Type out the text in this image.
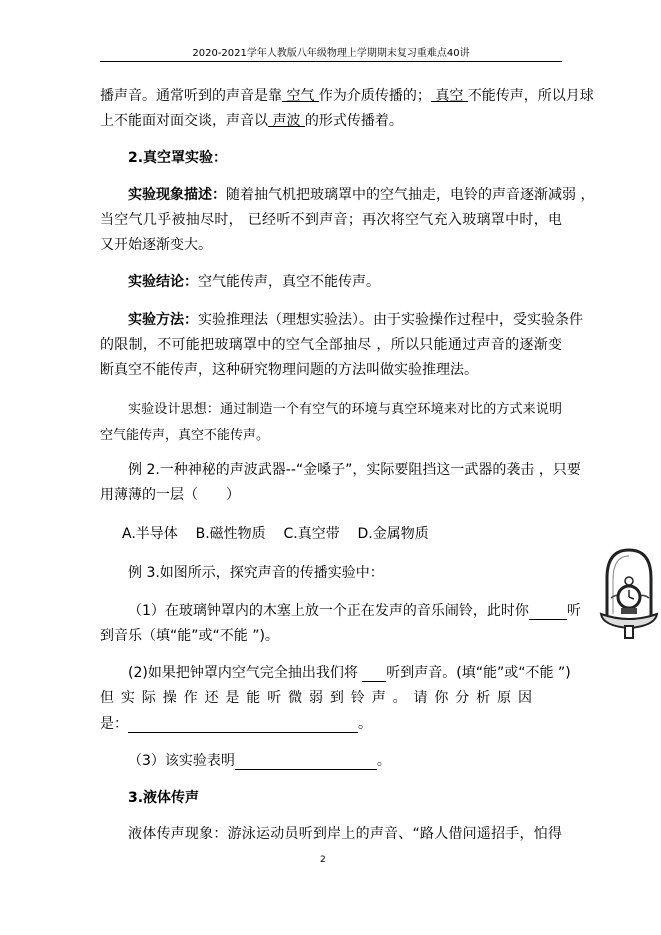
2020-2021学年人教版八年级物理上学期期末复习重难点40讲
播声音。通常听到的声音是靠 空气 作为介质传播的； 真空 不能传声，所以月球
上不能面对面交谈，声音以 声波 的形式传播着。
2.真空罩实验：
实验现象描述：随着抽气机把玻璃罩中的空气抽走，电铃的声音逐渐减弱 ，
当空气几乎被抽尽时， 已经听不到声音；再次将空气充入玻璃罩中时，电
又开始逐渐变大。
实验结论：空气能传声，真空不能传声。
实验方法：实验推理法（理想实验法）。由于实验操作过程中，受实验条件
的限制，不可能把玻璃罩中的空气全部抽尽 ，所以只能通过声音的逐渐变
断真空不能传声，这种研究物理问题的方法叫做实验推理法。
实验设计思想：通过制造一个有空气的环境与真空环境来对比的方式来说明
空气能传声，真空不能传声。
例 2.一种神秘的声波武器--“金嗓子”，实际要阻挡这一武器的袭击 ，只要
用薄薄的一层（　　）
A.半导体 B.磁性物质 C.真空带 D.金属物质
例 3.如图所示，探究声音的传播实验中：
（1）在玻璃钟罩内的木塞上放一个正在发声的音乐闹铃，此时你	听
到音乐（填“能”或“不能 ”)。
(2)如果把钟罩内空气完全抽出我们将 听到声音。(填“能”或“不能 ”)
但实际操作还是能听微弱到铃声。请你分析原因
是：	。
（3）该实验表明	。
3.液体传声
液体传声现象：游泳运动员听到岸上的声音、“路人借问遥招手，怕得
2
